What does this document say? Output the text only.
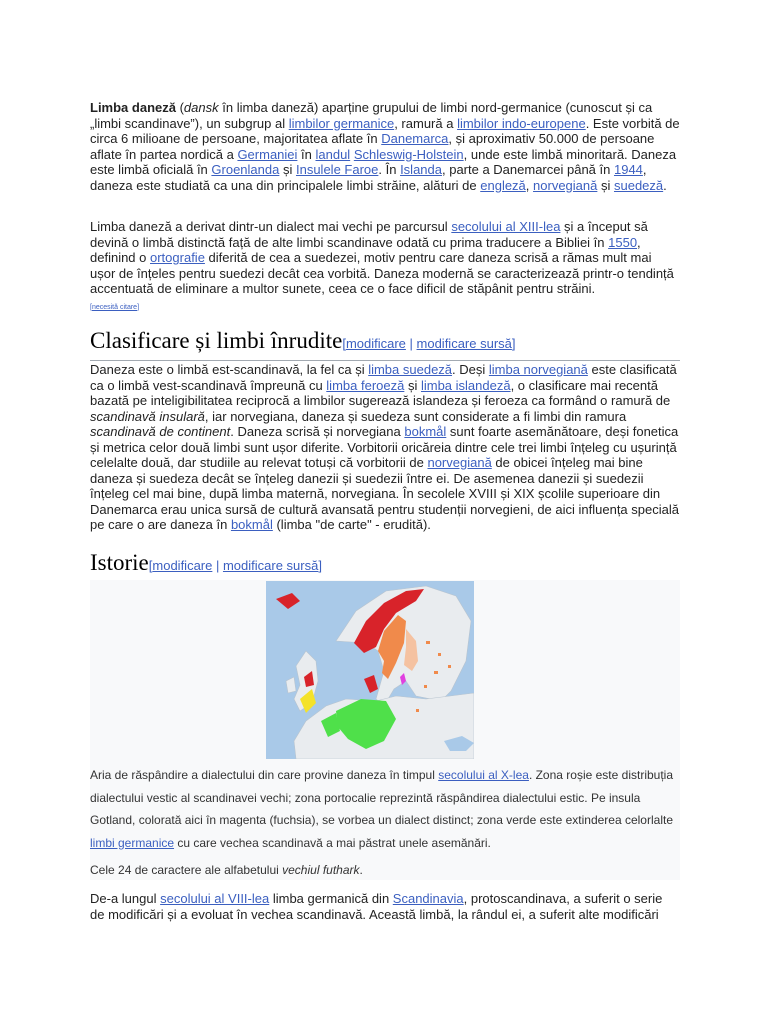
Limba daneză (dansk în limba daneză) aparține grupului de limbi nord-germanice (cunoscut și ca „limbi scandinave”), un subgrup al limbilor germanice, ramură a limbilor indo-europene. Este vorbită de circa 6 milioane de persoane, majoritatea aflate în Danemarca, și aproximativ 50.000 de persoane aflate în partea nordică a Germaniei în landul Schleswig-Holstein, unde este limbă minoritară. Daneza este limbă oficială în Groenlanda și Insulele Faroe. În Islanda, parte a Danemarcei până în 1944, daneza este studiată ca una din principalele limbi străine, alături de engleză, norvegiană și suedeză.

Limba daneză a derivat dintr-un dialect mai vechi pe parcursul secolului al XIII-lea și a început să devină o limbă distinctă față de alte limbi scandinave odată cu prima traducere a Bibliei în 1550, definind o ortografie diferită de cea a suedezei, motiv pentru care daneza scrisă a rămas mult mai ușor de înțeles pentru suedezi decât cea vorbită. Daneza modernă se caracterizează printr-o tendință accentuată de eliminare a multor sunete, ceea ce o face dificil de stăpânit pentru străini.
[necesită citare]

Clasificare și limbi înrudite[modificare | modificare sursă]

Daneza este o limbă est-scandinavă, la fel ca și limba suedeză. Deși limba norvegiană este clasificată ca o limbă vest-scandinavă împreună cu limba feroeză și limba islandeză, o clasificare mai recentă bazată pe inteligibilitatea reciprocă a limbilor sugerează islandeza și feroeza ca formând o ramură de scandinavă insulară, iar norvegiana, daneza și suedeza sunt considerate a fi limbi din ramura scandinavă de continent. Daneza scrisă și norvegiana bokmål sunt foarte asemănătoare, deși fonetica și metrica celor două limbi sunt ușor diferite. Vorbitorii oricăreia dintre cele trei limbi înțeleg cu ușurință celelalte două, dar studiile au relevat totuși că vorbitorii de norvegiană de obicei înțeleg mai bine daneza și suedeza decât se înțeleg danezii și suedezii între ei. De asemenea danezii și suedezii înțeleg cel mai bine, după limba maternă, norvegiana. În secolele XVIII și XIX școlile superioare din Danemarca erau unica sursă de cultură avansată pentru studenții norvegieni, de aici influența specială pe care o are daneza în bokmål (limba "de carte" - erudită).

Istorie[modificare | modificare sursă]

Aria de răspândire a dialectului din care provine daneza în timpul secolului al X-lea. Zona roșie este distribuția dialectului vestic al scandinavei vechi; zona portocalie reprezintă răspândirea dialectului estic. Pe insula Gotland, colorată aici în magenta (fuchsia), se vorbea un dialect distinct; zona verde este extinderea celorlalte limbi germanice cu care vechea scandinavă a mai păstrat unele asemănări.

Cele 24 de caractere ale alfabetului vechiul futhark.

De-a lungul secolului al VIII-lea limba germanică din Scandinavia, protoscandinava, a suferit o serie de modificări și a evoluat în vechea scandinavă. Această limbă, la rândul ei, a suferit alte modificări
